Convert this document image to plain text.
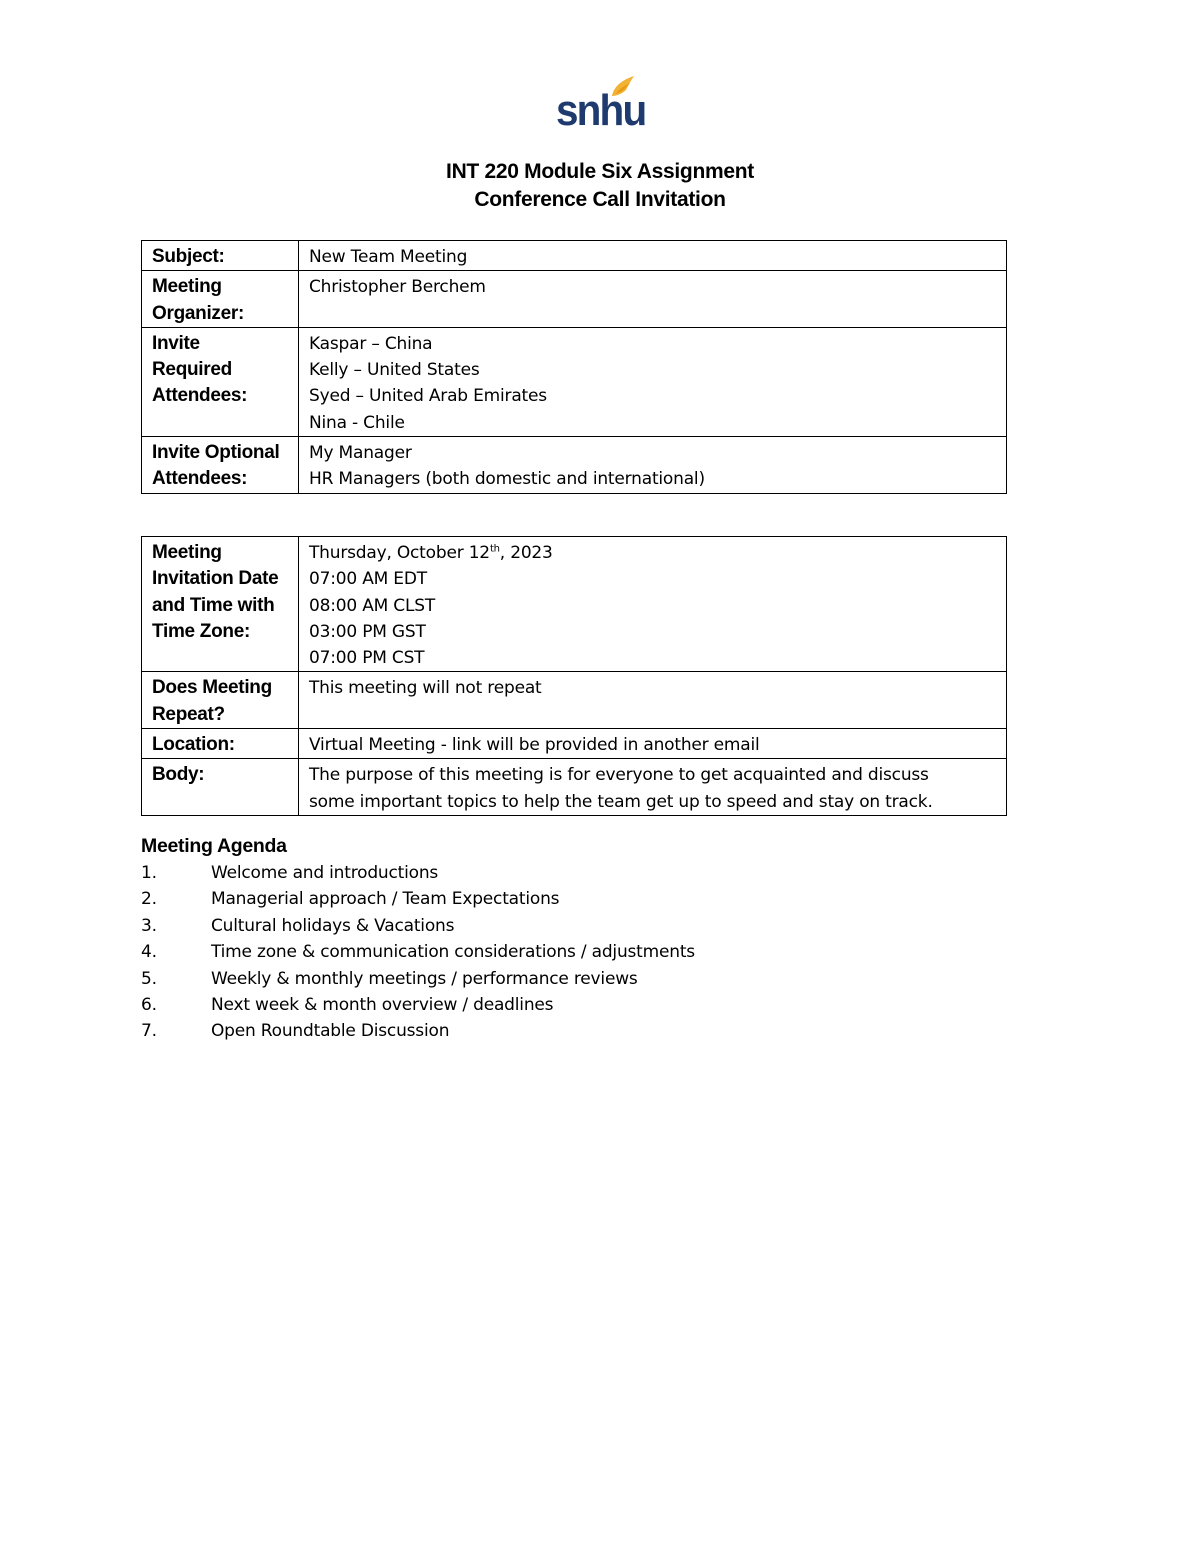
snhu
INT 220 Module Six Assignment
Conference Call Invitation
Subject:	New Team Meeting

Meeting
Organizer:	Christopher Berchem

Invite
Required
Attendees:	Kaspar – China
Kelly – United States
Syed – United Arab Emirates
Nina - Chile

Invite Optional
Attendees:	My Manager
HR Managers (both domestic and international)
Meeting
Invitation Date
and Time with
Time Zone:	Thursday, October 12th, 2023
07:00 AM EDT
08:00 AM CLST
03:00 PM GST
07:00 PM CST

Does Meeting
Repeat?	This meeting will not repeat

Location:	Virtual Meeting - link will be provided in another email

Body:	The purpose of this meeting is for everyone to get acquainted and discuss
some important topics to help the team get up to speed and stay on track.
Meeting Agenda
1.	Welcome and introductions
2.	Managerial approach / Team Expectations
3.	Cultural holidays & Vacations
4.	Time zone & communication considerations / adjustments
5.	Weekly & monthly meetings / performance reviews
6.	Next week & month overview / deadlines
7.	Open Roundtable Discussion
